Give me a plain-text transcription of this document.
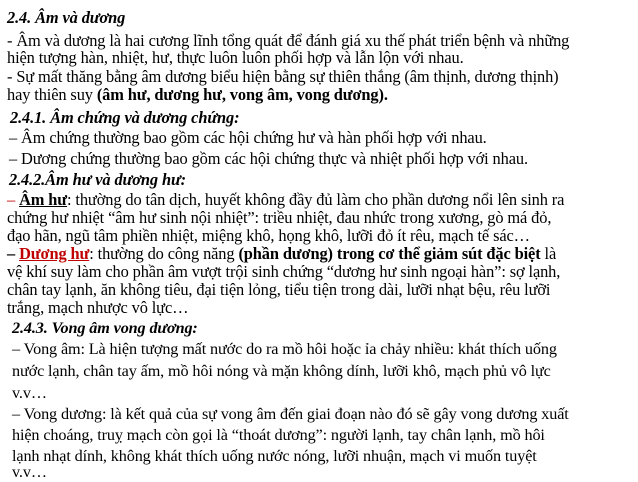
2.4. Âm và dương
- Âm và dương là hai cương lĩnh tổng quát để đánh giá xu thế phát triển bệnh và những
hiện tượng hàn, nhiệt, hư, thực luôn luôn phối hợp và lẫn lộn với nhau.
- Sự mất thăng bằng âm dương biểu hiện bằng sự thiên thắng (âm thịnh, dương thịnh)
hay thiên suy (âm hư, dương hư, vong âm, vong dương).
2.4.1. Âm chứng và dương chứng:
– Âm chứng thường bao gồm các hội chứng hư và hàn phối hợp với nhau.
– Dương chứng thường bao gồm các hội chứng thực và nhiệt phối hợp với nhau.
2.4.2.Âm hư và dương hư:
– Âm hư: thường do tân dịch, huyết không đầy đủ làm cho phần dương nổi lên sinh ra
chứng hư nhiệt “âm hư sinh nội nhiệt”: triều nhiệt, đau nhức trong xương, gò má đỏ,
đạo hãn, ngũ tâm phiền nhiệt, miệng khô, họng khô, lưỡi đỏ ít rêu, mạch tế sác…
– Dương hư: thường do công năng (phần dương) trong cơ thể giảm sút đặc biệt là
vệ khí suy làm cho phần âm vượt trội sinh chứng “dương hư sinh ngoại hàn”: sợ lạnh,
chân tay lạnh, ăn không tiêu, đại tiện lỏng, tiểu tiện trong dài, lưỡi nhạt bệu, rêu lưỡi
trắng, mạch nhược vô lực…
2.4.3. Vong âm vong dương:
– Vong âm: Là hiện tượng mất nước do ra mồ hôi hoặc ỉa chảy nhiều: khát thích uống
nước lạnh, chân tay ấm, mồ hôi nóng và mặn không dính, lưỡi khô, mạch phủ vô lực
v.v…
– Vong dương: là kết quả của sự vong âm đến giai đoạn nào đó sẽ gây vong dương xuất
hiện choáng, truỵ mạch còn gọi là “thoát dương”: người lạnh, tay chân lạnh, mồ hôi
lạnh nhạt dính, không khát thích uống nước nóng, lưỡi nhuận, mạch vi muốn tuyệt
v.v…
